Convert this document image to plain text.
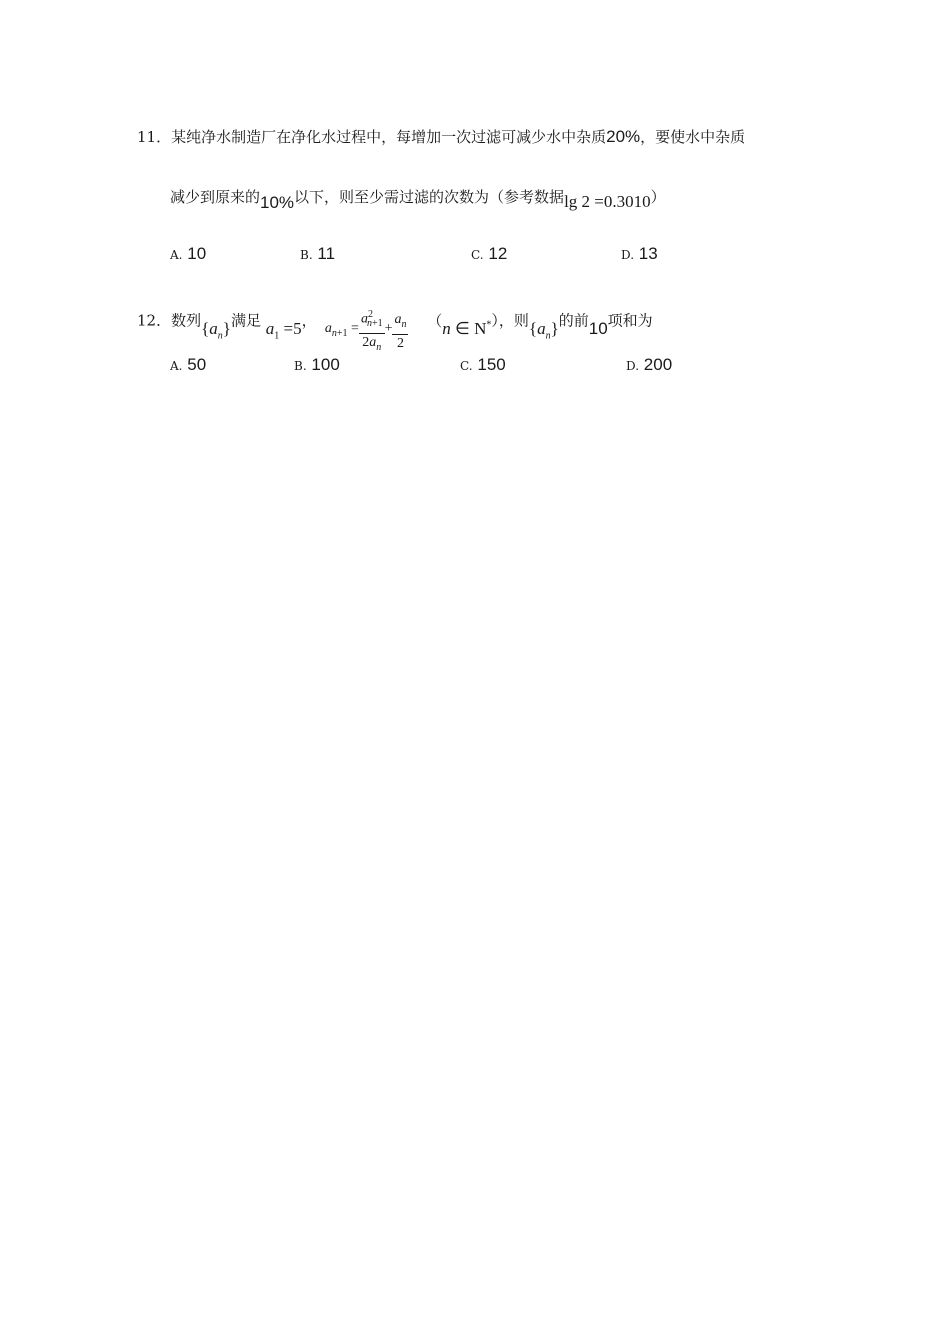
11．某纯净水制造厂在净化水过程中，每增加一次过滤可减少水中杂质20%，要使水中杂质
减少到原来的10%以下，则至少需过滤的次数为（参考数据lg 2 =0.3010）
A. 10	B. 11	C. 12	D. 13
12．数列$\{a_n\}$满足 $a_1 =5$， $a_{n+1} = \frac{a^2_{n+1}}{2a_n} + \frac{a_n}{2} (n$ ∈ N*），则$\{a_n\}$的前10项和为
A. 50	B. 100	C. 150	D. 200
